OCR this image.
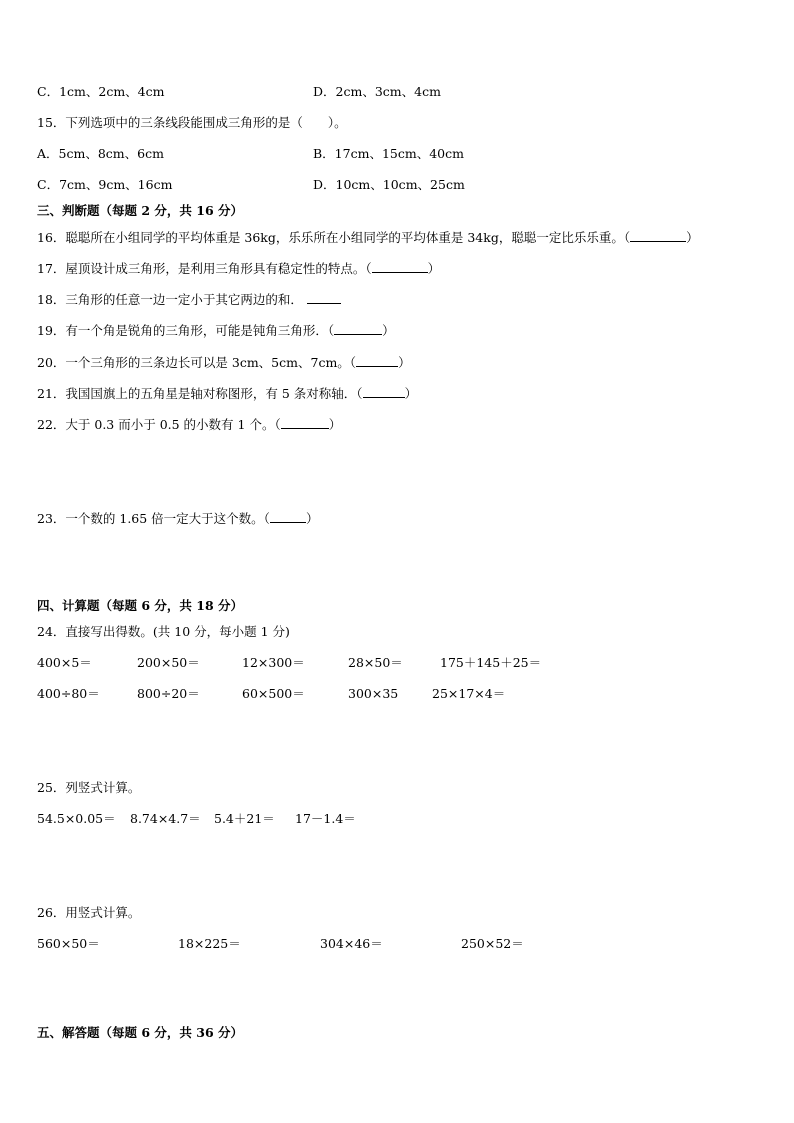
C．1cm、2cm、4cm	D．2cm、3cm、4cm
15．下列选项中的三条线段能围成三角形的是（　　）。
A．5cm、8cm、6cm	B．17cm、15cm、40cm
C．7cm、9cm、16cm	D．10cm、10cm、25cm
三、判断题（每题 2 分，共 16 分）
16．聪聪所在小组同学的平均体重是 36kg，乐乐所在小组同学的平均体重是 34kg，聪聪一定比乐乐重。（	）
17．屋顶设计成三角形，是利用三角形具有稳定性的特点。（	）
18．三角形的任意一边一定小于其它两边的和．
19．有一个角是锐角的三角形，可能是钝角三角形．（	）
20．一个三角形的三条边长可以是 3cm、5cm、7cm。（	）
21．我国国旗上的五角星是轴对称图形，有 5 条对称轴．（	）
22．大于 0.3 而小于 0.5 的小数有 1 个。（	）
23．一个数的 1.65 倍一定大于这个数。（	）
四、计算题（每题 6 分，共 18 分）
24．直接写出得数。(共 10 分，每小题 1 分)
400×5＝	200×50＝	12×300＝	28×50＝	175＋145＋25＝
400÷80＝	800÷20＝	60×500＝	300×35	25×17×4＝
25．列竖式计算。
54.5×0.05＝ 8.74×4.7＝ 5.4＋21＝ 17－1.4＝
26．用竖式计算。
560×50＝	18×225＝	304×46＝	250×52＝
五、解答题（每题 6 分，共 36 分）
